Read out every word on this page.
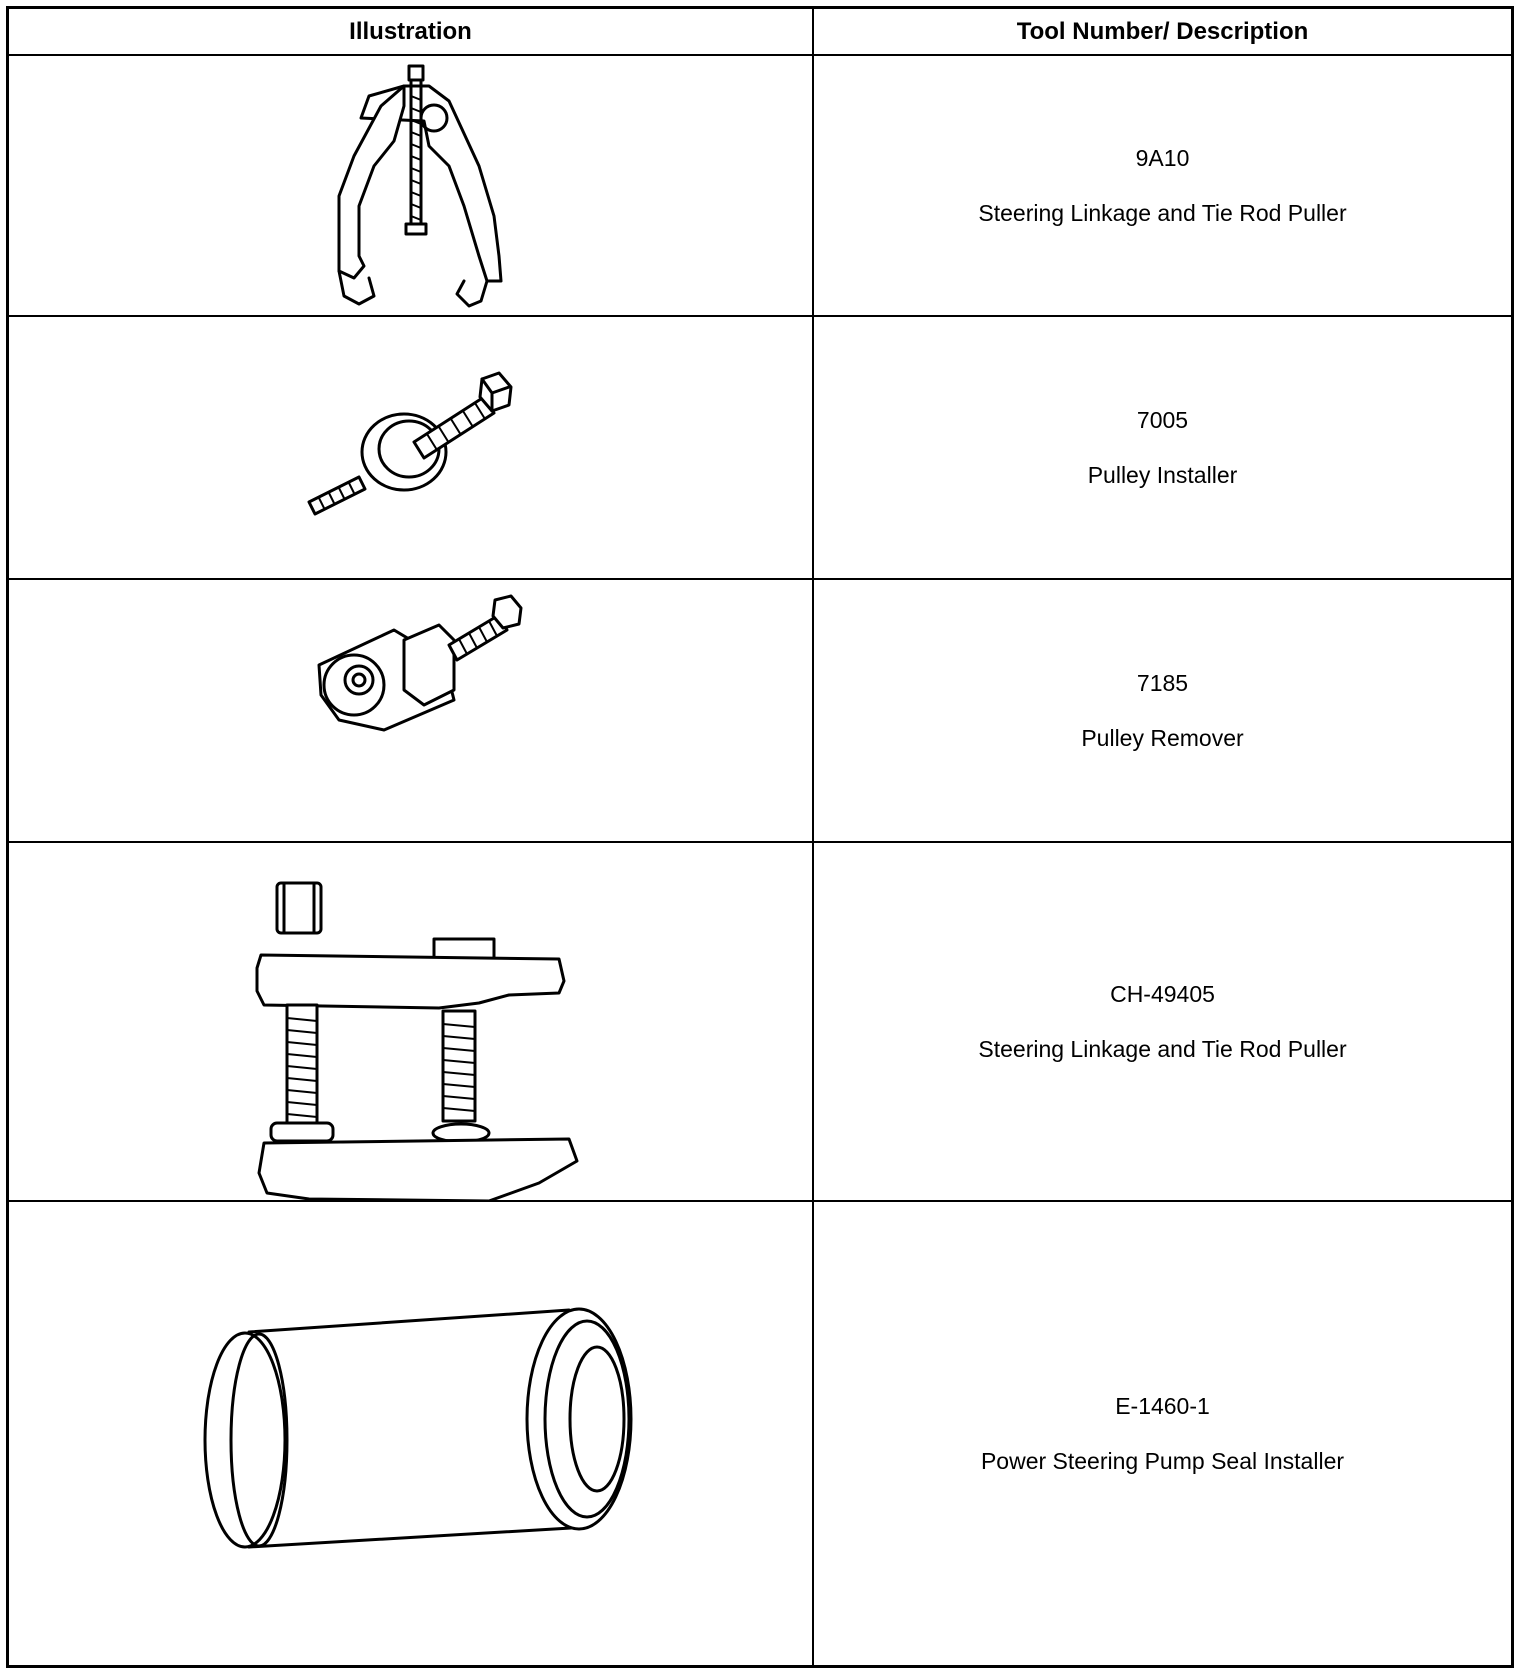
Illustration	Tool Number/ Description
9A10
Steering Linkage and Tie Rod Puller
7005
Pulley Installer
7185
Pulley Remover
CH-49405
Steering Linkage and Tie Rod Puller
E-1460-1
Power Steering Pump Seal Installer
